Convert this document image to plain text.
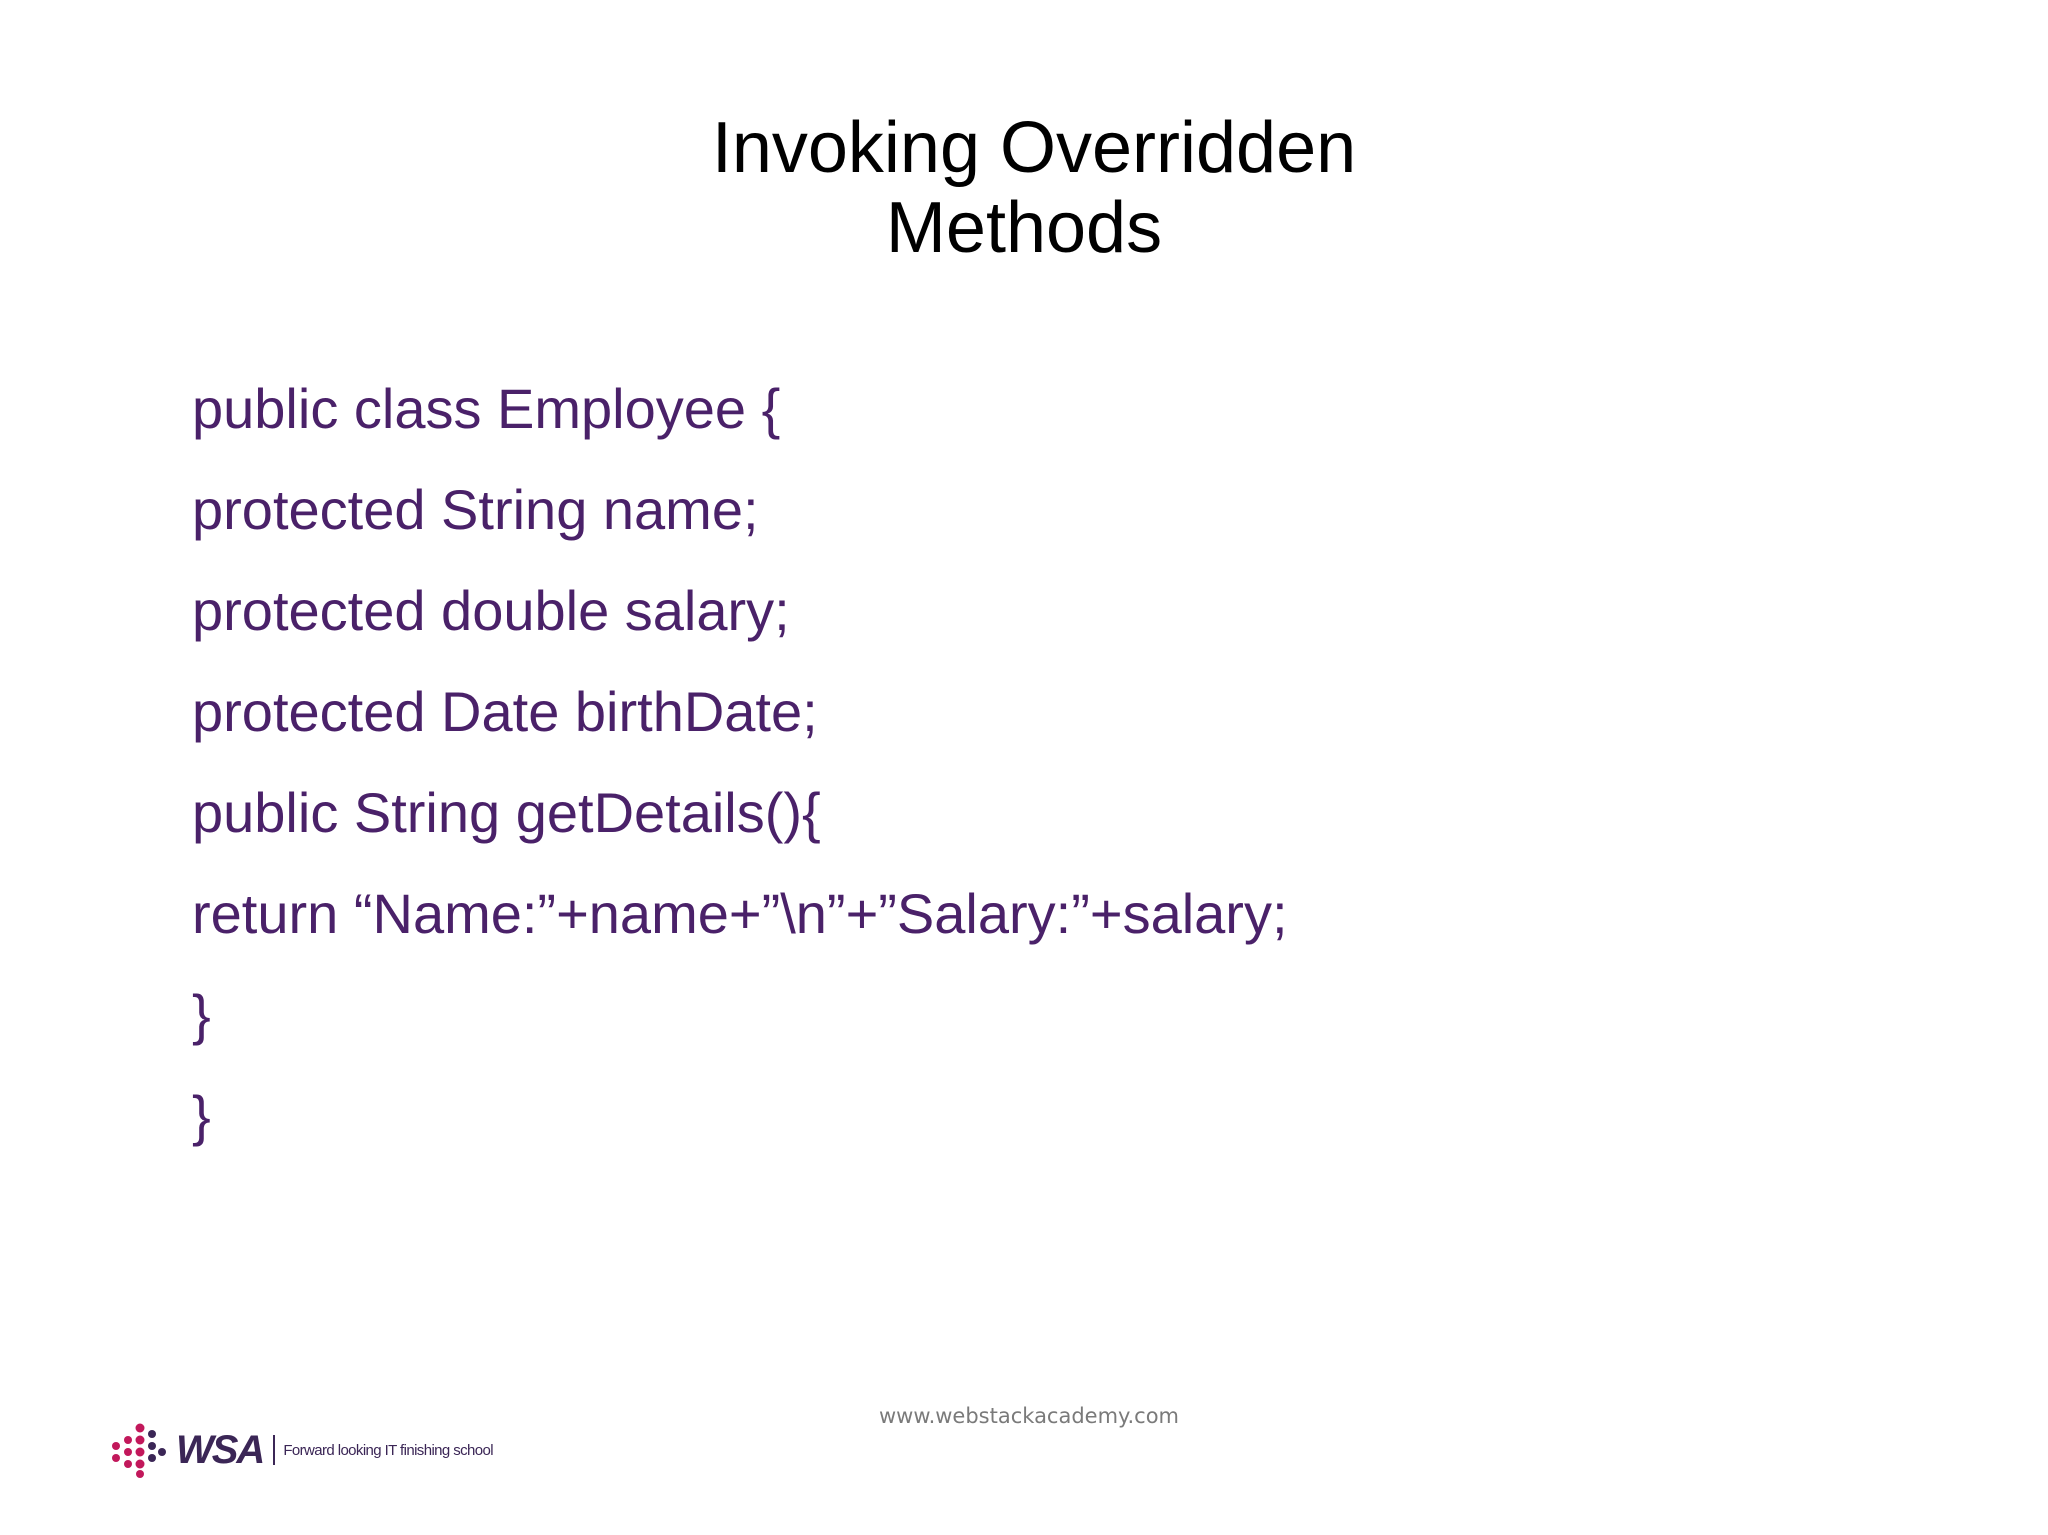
Invoking Overridden
Methods
public class Employee {
protected String name;
protected double salary;
protected Date birthDate;
public String getDetails(){
return “Name:”+name+”\n”+”Salary:”+salary;
}
}
www.webstackacademy.com
WSA Forward looking IT finishing school
